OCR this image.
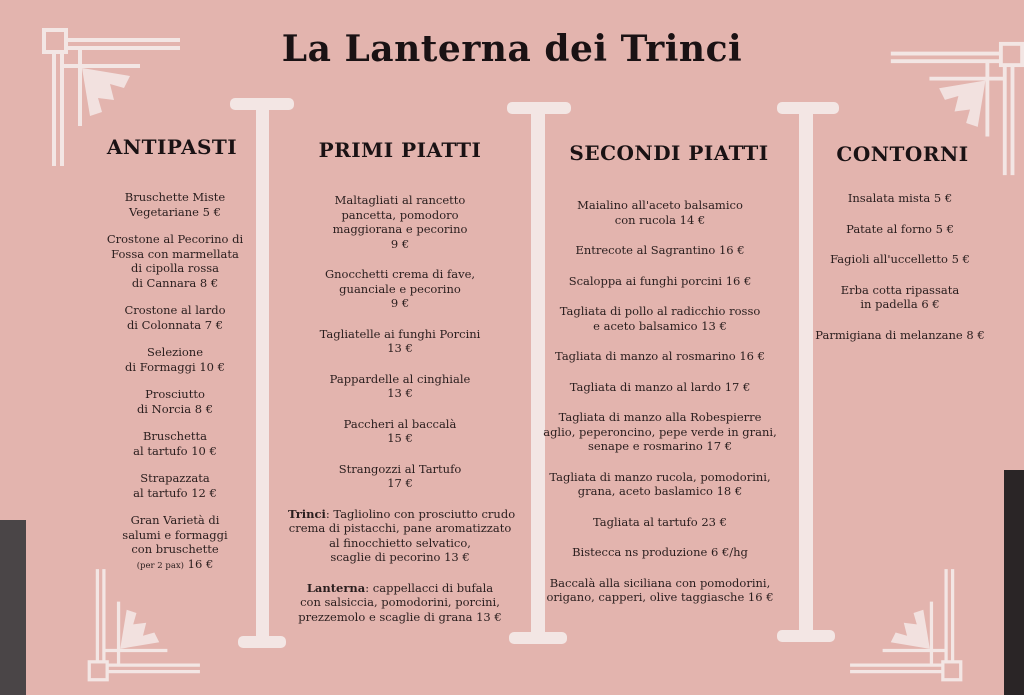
La Lanterna dei Trinci
ANTIPASTI	PRIMI PIATTI	SECONDI PIATTI	CONTORNI
Bruschette Miste
Vegetariane 5 €
Crostone al Pecorino di
Fossa con marmellata
di cipolla rossa
di Cannara 8 €
Crostone al lardo
di Colonnata 7 €
Selezione
di Formaggi 10 €
Prosciutto
di Norcia 8 €
Bruschetta
al tartufo 10 €
Strapazzata
al tartufo 12 €
Gran Varietà di
salumi e formaggi
con bruschette
(per 2 pax) 16 €
Maltagliati al rancetto
pancetta, pomodoro
maggiorana e pecorino
9 €
Gnocchetti crema di fave,
guanciale e pecorino
9 €
Tagliatelle ai funghi Porcini
13 €
Pappardelle al cinghiale
13 €
Paccheri al baccalà
15 €
Strangozzi al Tartufo
17 €
Trinci: Tagliolino con prosciutto crudo
crema di pistacchi, pane aromatizzato
al finocchietto selvatico,
scaglie di pecorino 13 €
Lanterna: cappellacci di bufala
con salsiccia, pomodorini, porcini,
prezzemolo e scaglie di grana 13 €
Maialino all'aceto balsamico
con rucola 14 €
Entrecote al Sagrantino 16 €
Scaloppa ai funghi porcini 16 €
Tagliata di pollo al radicchio rosso
e aceto balsamico 13 €
Tagliata di manzo al rosmarino 16 €
Tagliata di manzo al lardo 17 €
Tagliata di manzo alla Robespierre
aglio, peperoncino, pepe verde in grani,
senape e rosmarino 17 €
Tagliata di manzo rucola, pomodorini,
grana, aceto baslamico 18 €
Tagliata al tartufo 23 €
Bistecca ns produzione 6 €/hg
Baccalà alla siciliana con pomodorini,
origano, capperi, olive taggiasche 16 €
Insalata mista 5 €
Patate al forno 5 €
Fagioli all'uccelletto 5 €
Erba cotta ripassata
in padella 6 €
Parmigiana di melanzane 8 €
